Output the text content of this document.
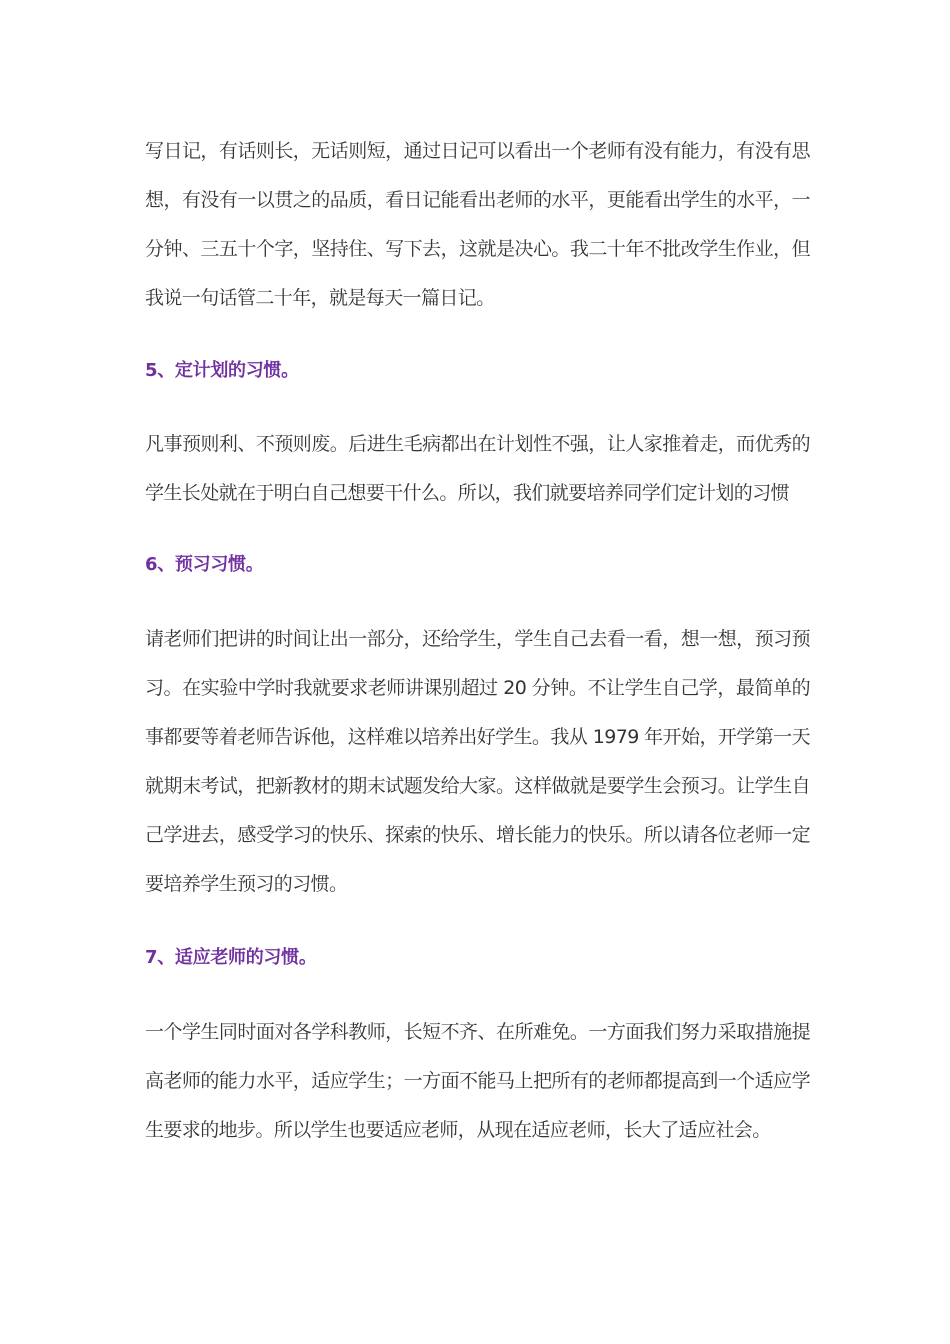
写日记，有话则长，无话则短，通过日记可以看出一个老师有没有能力，有没有思想，有没有一以贯之的品质，看日记能看出老师的水平，更能看出学生的水平，一分钟、三五十个字，坚持住、写下去，这就是决心。我二十年不批改学生作业，但我说一句话管二十年，就是每天一篇日记。

5、定计划的习惯。

凡事预则利、不预则废。后进生毛病都出在计划性不强，让人家推着走，而优秀的学生长处就在于明白自己想要干什么。所以，我们就要培养同学们定计划的习惯

6、预习习惯。

请老师们把讲的时间让出一部分，还给学生，学生自己去看一看，想一想，预习预习。在实验中学时我就要求老师讲课别超过 20 分钟。不让学生自己学，最简单的事都要等着老师告诉他，这样难以培养出好学生。我从 1979 年开始，开学第一天就期末考试，把新教材的期末试题发给大家。这样做就是要学生会预习。让学生自己学进去，感受学习的快乐、探索的快乐、增长能力的快乐。所以请各位老师一定要培养学生预习的习惯。

7、适应老师的习惯。

一个学生同时面对各学科教师，长短不齐、在所难免。一方面我们努力采取措施提高老师的能力水平，适应学生；一方面不能马上把所有的老师都提高到一个适应学生要求的地步。所以学生也要适应老师，从现在适应老师，长大了适应社会。
